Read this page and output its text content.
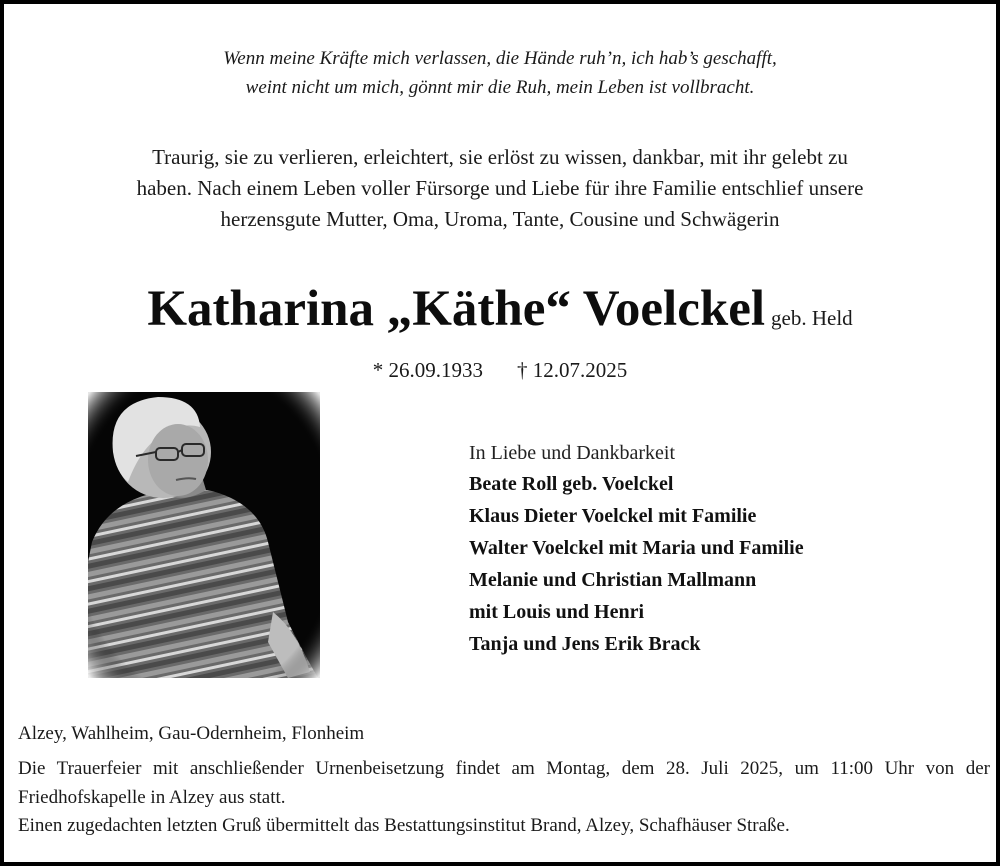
Wenn meine Kräfte mich verlassen, die Hände ruh’n, ich hab’s geschafft,
weint nicht um mich, gönnt mir die Ruh, mein Leben ist vollbracht.
Traurig, sie zu verlieren, erleichtert, sie erlöst zu wissen, dankbar, mit ihr gelebt zu
haben. Nach einem Leben voller Fürsorge und Liebe für ihre Familie entschlief unsere
herzensgute Mutter, Oma, Uroma, Tante, Cousine und Schwägerin
Katharina „Käthe“ Voelckel geb. Held
* 26.09.1933 † 12.07.2025
In Liebe und Dankbarkeit
Beate Roll geb. Voelckel
Klaus Dieter Voelckel mit Familie
Walter Voelckel mit Maria und Familie
Melanie und Christian Mallmann
mit Louis und Henri
Tanja und Jens Erik Brack
Alzey, Wahlheim, Gau-Odernheim, Flonheim
Die Trauerfeier mit anschließender Urnenbeisetzung findet am Montag, dem 28. Juli 2025, um 11:00 Uhr von der Friedhofskapelle in Alzey aus statt.
Einen zugedachten letzten Gruß übermittelt das Bestattungsinstitut Brand, Alzey, Schafhäuser Straße.
